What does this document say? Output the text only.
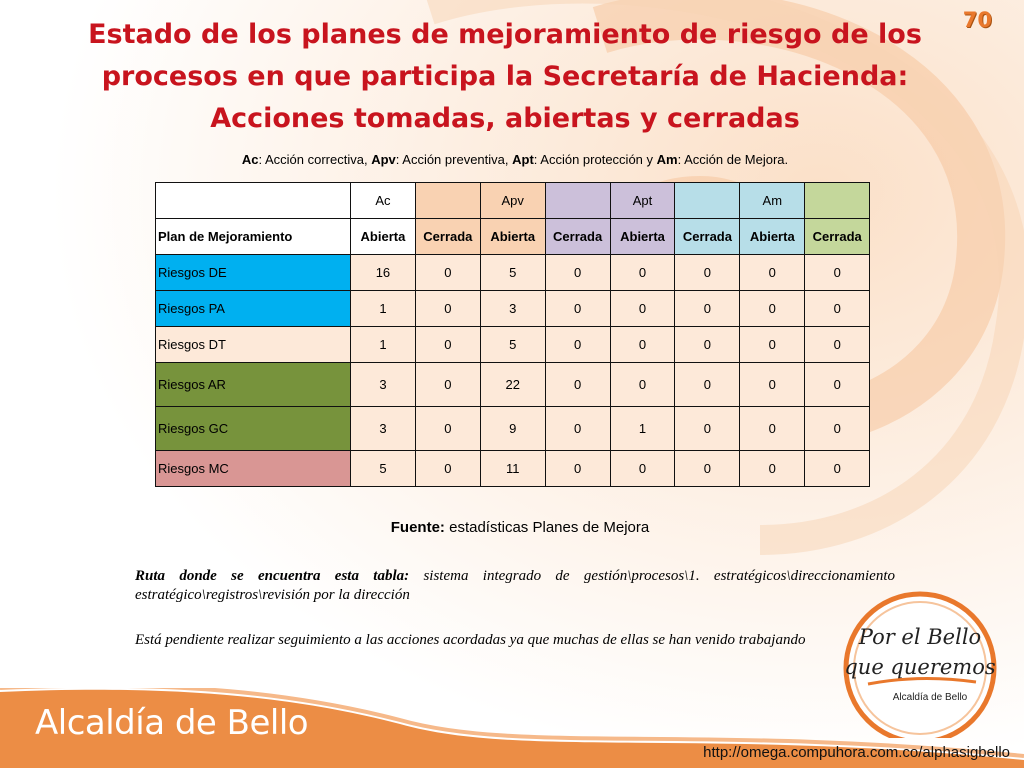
70
Estado de los planes de mejoramiento de riesgo de los procesos en que participa la Secretaría de Hacienda: Acciones tomadas, abiertas y cerradas
Ac: Acción correctiva, Apv: Acción preventiva, Apt: Acción protección y Am: Acción de Mejora.
	Ac		Apv		Apt		Am	
Plan de Mejoramiento	Abierta	Cerrada	Abierta	Cerrada	Abierta	Cerrada	Abierta	Cerrada
Riesgos DE	16	0	5	0	0	0	0	0
Riesgos PA	1	0	3	0	0	0	0	0
Riesgos DT	1	0	5	0	0	0	0	0
Riesgos AR	3	0	22	0	0	0	0	0
Riesgos GC	3	0	9	0	1	0	0	0
Riesgos MC	5	0	11	0	0	0	0	0
Fuente: estadísticas Planes de Mejora

Ruta donde se encuentra esta tabla: sistema integrado de gestión\procesos\1. estratégicos\direccionamiento estratégico\registros\revisión por la dirección

Está pendiente realizar seguimiento a las acciones acordadas ya que muchas de ellas se han venido trabajando	Por el Bello
que queremos
Alcaldía de Bello
Alcaldía de Bello
http://omega.compuhora.com.co/alphasigbello
